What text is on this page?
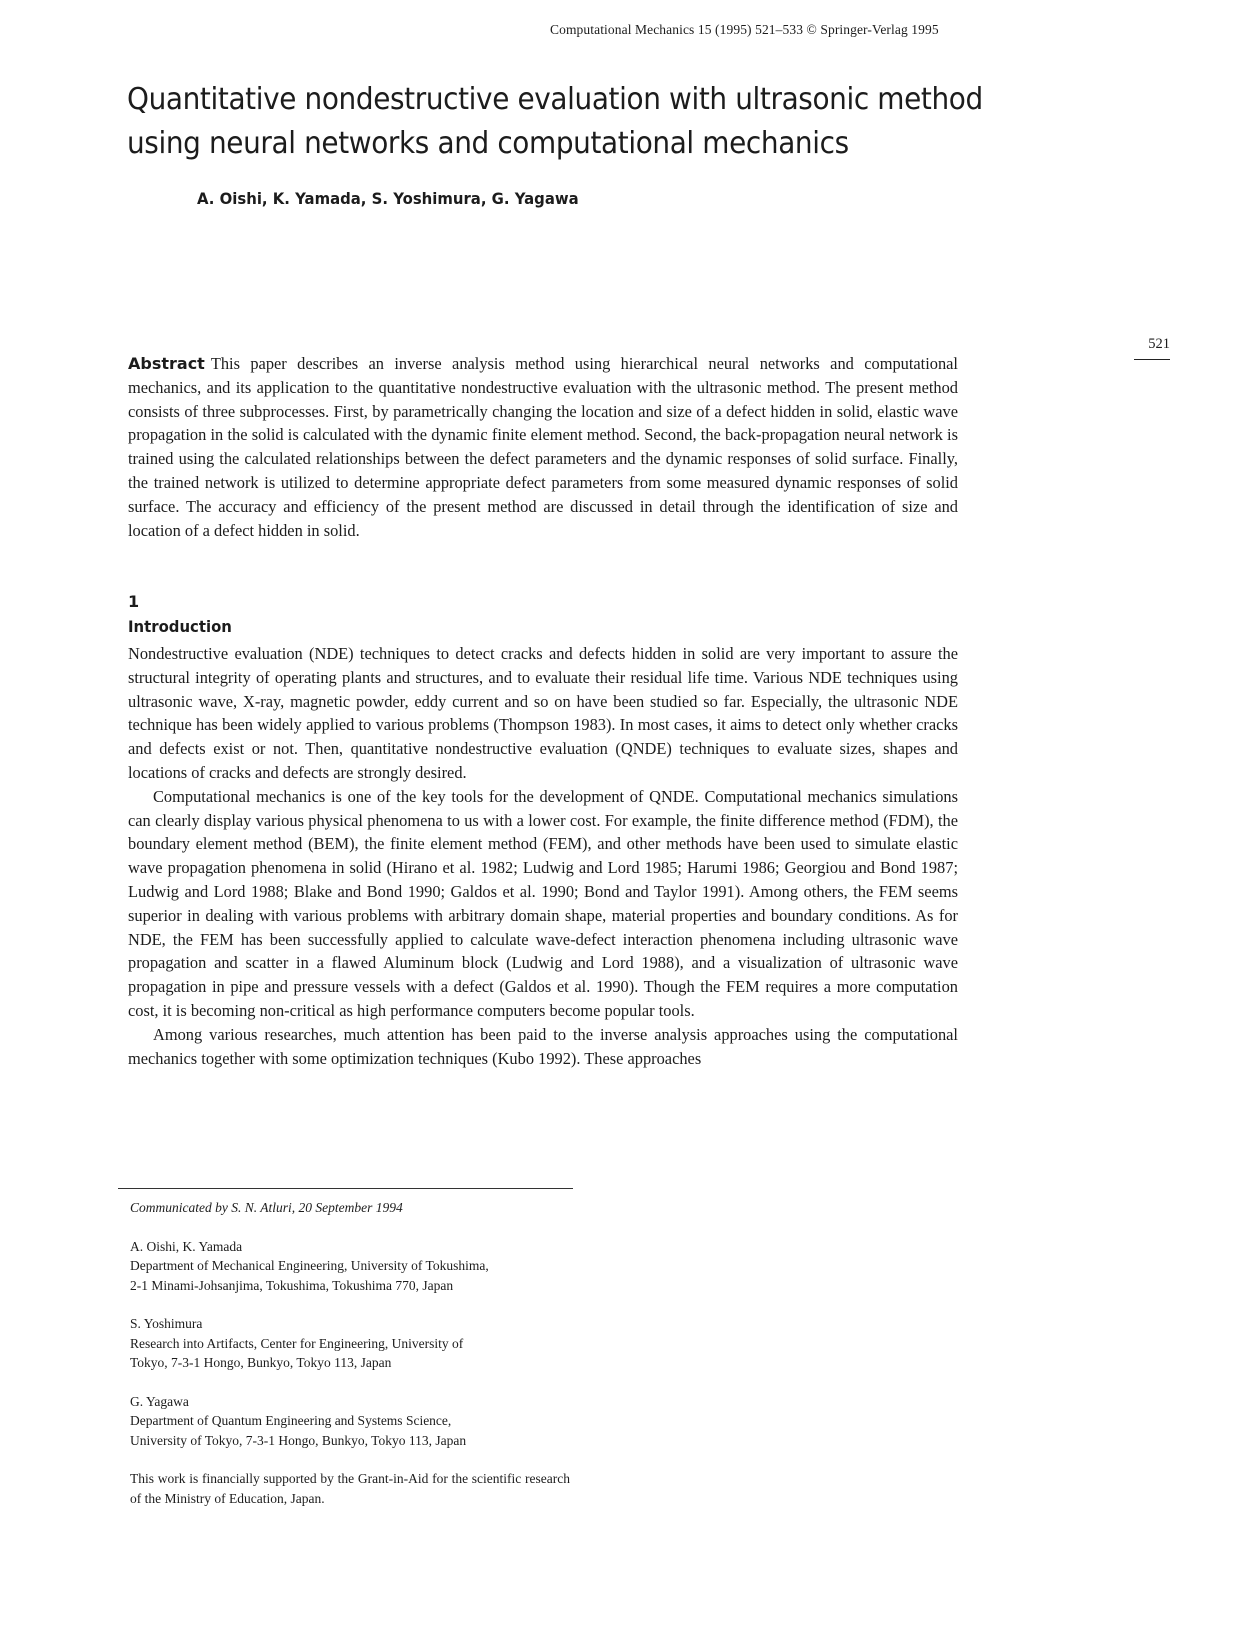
Computational Mechanics 15 (1995) 521–533 © Springer-Verlag 1995
Quantitative nondestructive evaluation with ultrasonic method
using neural networks and computational mechanics
A. Oishi, K. Yamada, S. Yoshimura, G. Yagawa
521

Abstract This paper describes an inverse analysis method using hierarchical neural networks and computational mechanics, and its application to the quantitative nondestructive evaluation with the ultrasonic method. The present method consists of three subprocesses. First, by parametrically changing the location and size of a defect hidden in solid, elastic wave propagation in the solid is calculated with the dynamic finite element method. Second, the back-propagation neural network is trained using the calculated relationships between the defect parameters and the dynamic responses of solid surface. Finally, the trained network is utilized to determine appropriate defect parameters from some measured dynamic responses of solid surface. The accuracy and efficiency of the present method are discussed in detail through the identification of size and location of a defect hidden in solid.

1
Introduction

Nondestructive evaluation (NDE) techniques to detect cracks and defects hidden in solid are very important to assure the structural integrity of operating plants and structures, and to evaluate their residual life time. Various NDE techniques using ultrasonic wave, X-ray, magnetic powder, eddy current and so on have been studied so far. Especially, the ultrasonic NDE technique has been widely applied to various problems (Thompson 1983). In most cases, it aims to detect only whether cracks and defects exist or not. Then, quantitative nondestructive evaluation (QNDE) techniques to evaluate sizes, shapes and locations of cracks and defects are strongly desired.

Computational mechanics is one of the key tools for the development of QNDE. Computational mechanics simulations can clearly display various physical phenomena to us with a lower cost. For example, the finite difference method (FDM), the boundary element method (BEM), the finite element method (FEM), and other methods have been used to simulate elastic wave propagation phenomena in solid (Hirano et al. 1982; Ludwig and Lord 1985; Harumi 1986; Georgiou and Bond 1987; Ludwig and Lord 1988; Blake and Bond 1990; Galdos et al. 1990; Bond and Taylor 1991). Among others, the FEM seems superior in dealing with various problems with arbitrary domain shape, material properties and boundary conditions. As for NDE, the FEM has been successfully applied to calculate wave-defect interaction phenomena including ultrasonic wave propagation and scatter in a flawed Aluminum block (Ludwig and Lord 1988), and a visualization of ultrasonic wave propagation in pipe and pressure vessels with a defect (Galdos et al. 1990). Though the FEM requires a more computation cost, it is becoming non-critical as high performance computers become popular tools.

Among various researches, much attention has been paid to the inverse analysis approaches using the computational mechanics together with some optimization techniques (Kubo 1992). These approaches

Communicated by S. N. Atluri, 20 September 1994
A. Oishi, K. Yamada
Department of Mechanical Engineering, University of Tokushima,
2-1 Minami-Johsanjima, Tokushima, Tokushima 770, Japan
S. Yoshimura
Research into Artifacts, Center for Engineering, University of
Tokyo, 7-3-1 Hongo, Bunkyo, Tokyo 113, Japan
G. Yagawa
Department of Quantum Engineering and Systems Science,
University of Tokyo, 7-3-1 Hongo, Bunkyo, Tokyo 113, Japan
This work is financially supported by the Grant-in-Aid for the scientific research of the Ministry of Education, Japan.
